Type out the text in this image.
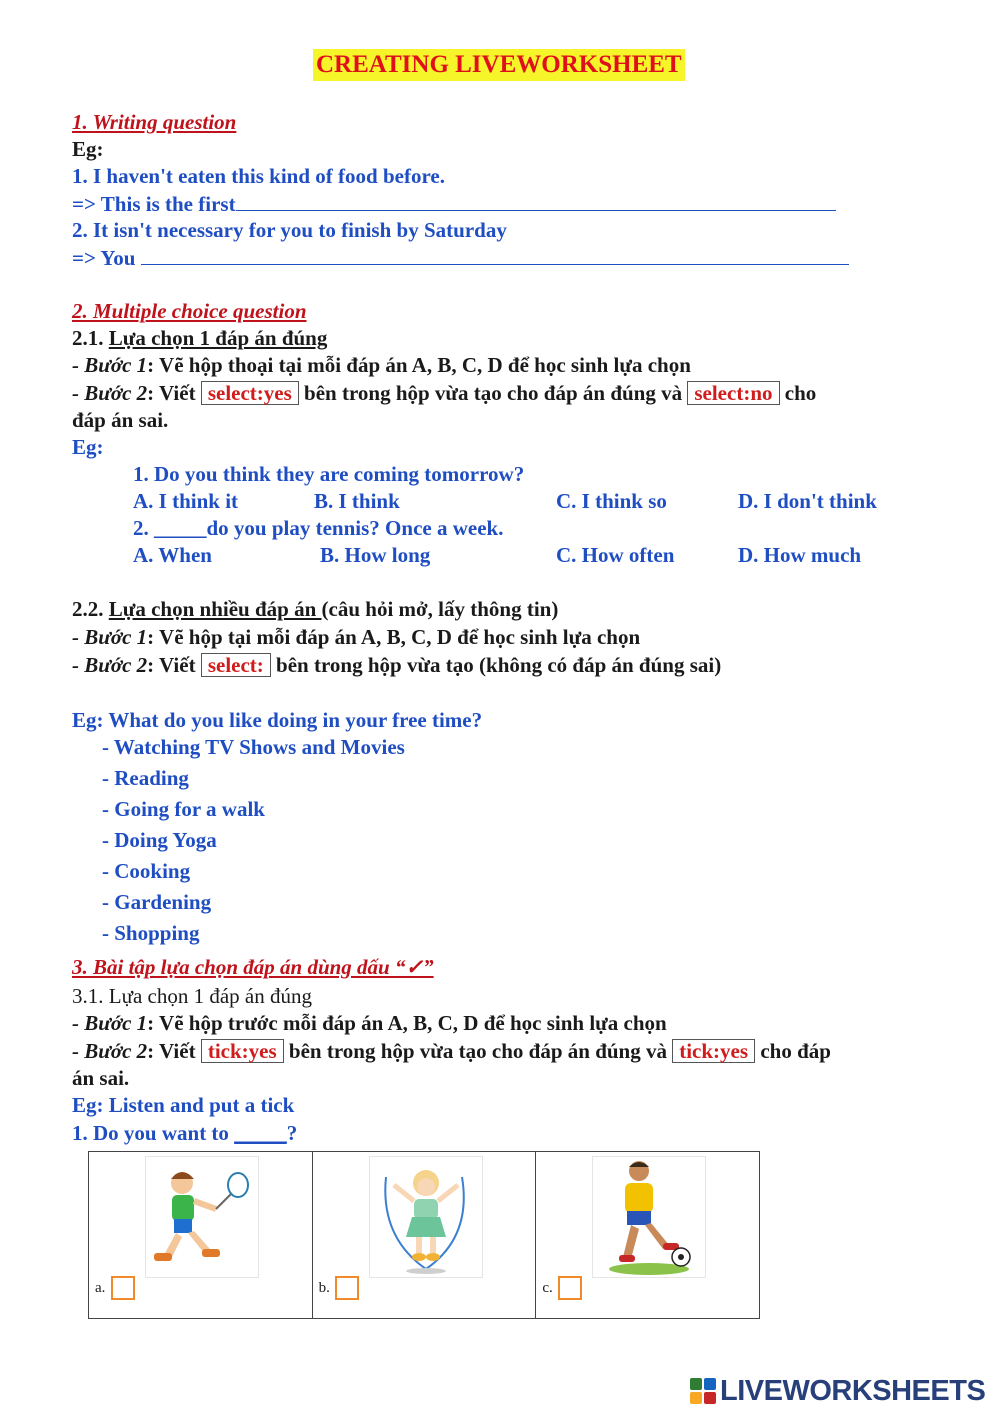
CREATING LIVEWORKSHEET
1. Writing question
Eg:
1. I haven't eaten this kind of food before.
=> This is the first
2. It isn't necessary for you to finish by Saturday
=> You
2. Multiple choice question
2.1. Lựa chọn 1 đáp án đúng
- Bước 1: Vẽ hộp thoại tại mỗi đáp án A, B, C, D để học sinh lựa chọn
- Bước 2: Viết select:yes bên trong hộp vừa tạo cho đáp án đúng và select:no cho
đáp án sai.
Eg:
1. Do you think they are coming tomorrow?
A. I think it	B. I think	C. I think so	D. I don't think
2. _____do you play tennis? Once a week.
A. When	B. How long	C. How often	D. How much
2.2. Lựa chọn nhiều đáp án (câu hỏi mở, lấy thông tin)
- Bước 1: Vẽ hộp tại mỗi đáp án A, B, C, D để học sinh lựa chọn
- Bước 2: Viết select: bên trong hộp vừa tạo (không có đáp án đúng sai)
Eg: What do you like doing in your free time?
- Watching TV Shows and Movies
- Reading
- Going for a walk
- Doing Yoga
- Cooking
- Gardening
- Shopping
3. Bài tập lựa chọn đáp án dùng dấu “✓”
3.1. Lựa chọn 1 đáp án đúng
- Bước 1: Vẽ hộp trước mỗi đáp án A, B, C, D để học sinh lựa chọn
- Bước 2: Viết tick:yes bên trong hộp vừa tạo cho đáp án đúng và tick:yes cho đáp
án sai.
Eg: Listen and put a tick
1. Do you want to _____?
a.	b.	c.
LIVEWORKSHEETS
